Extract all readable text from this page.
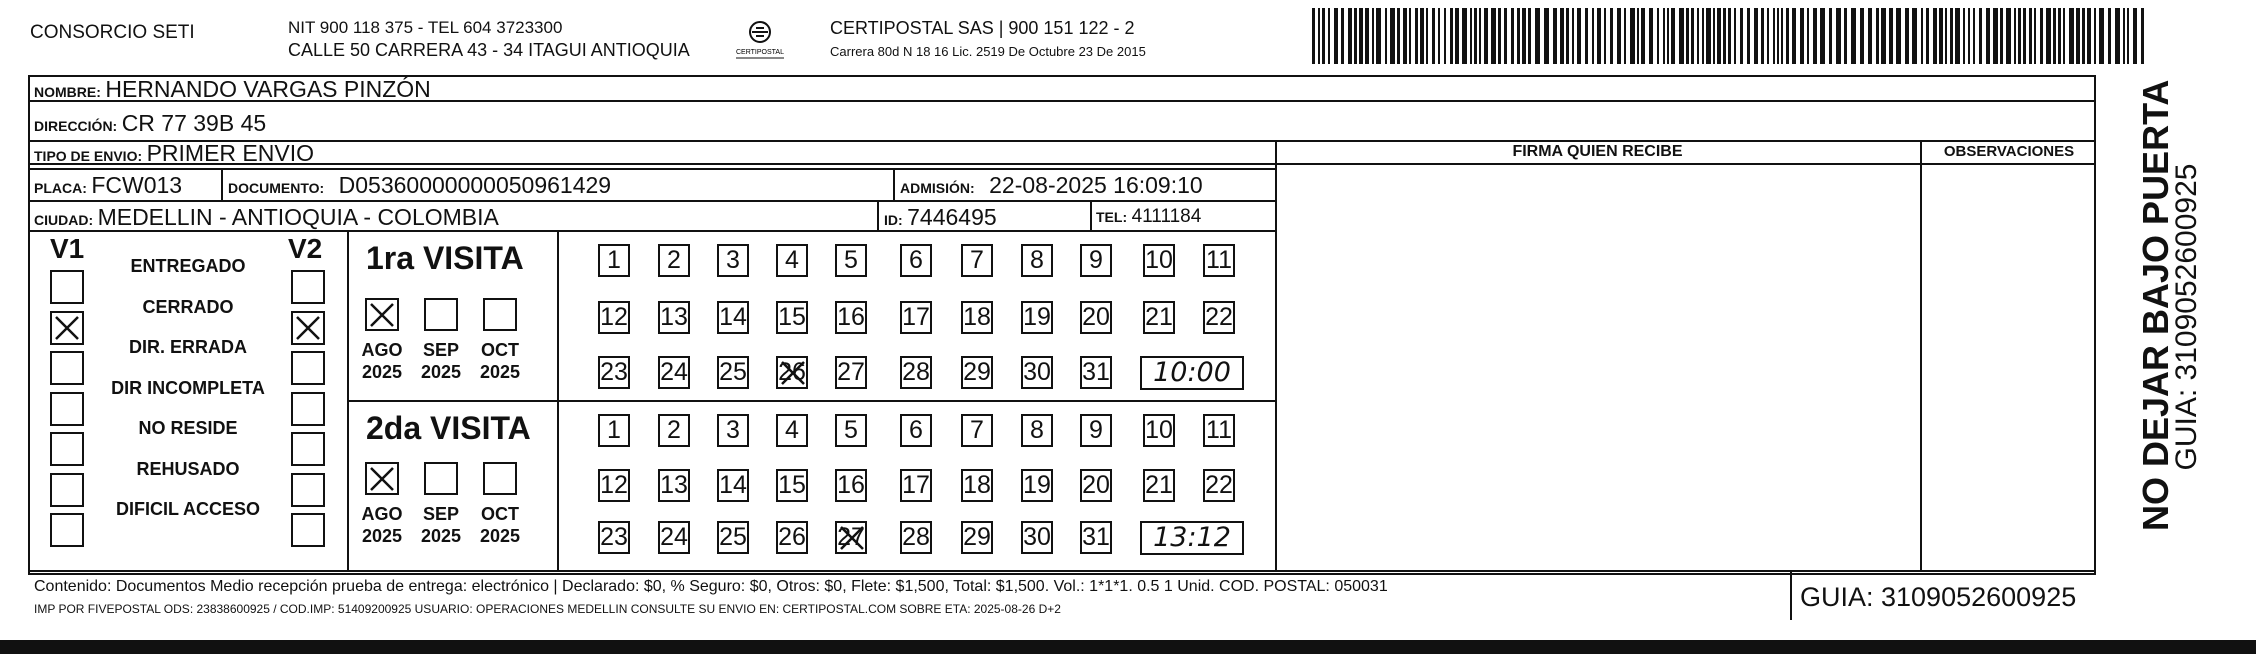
CONSORCIO SETI	NIT 900 118 375 - TEL 604 3723300
CALLE 50 CARRERA 43 - 34 ITAGUI ANTIOQUIA	CERTIPOSTAL
CERTIPOSTAL SAS | 900 151 122 - 2
Carrera 80d N 18 16 Lic. 2519 De Octubre 23 De 2015
NOMBRE: HERNANDO VARGAS PINZÓN
DIRECCIÓN: CR 77 39B 45
TIPO DE ENVIO: PRIMER ENVIO
PLACA: FCW013	DOCUMENTO: D05360000000050961429	ADMISIÓN: 22-08-2025 16:09:10
CIUDAD: MEDELLIN - ANTIOQUIA - COLOMBIA	ID: 7446495	TEL: 4111184
FIRMA QUIEN RECIBE	OBSERVACIONES
V1	V2 1ra VISITA
2da VISITA
Contenido: Documentos Medio recepción prueba de entrega: electrónico | Declarado: $0, % Seguro: $0, Otros: $0, Flete: $1,500, Total: $1,500. Vol.: 1*1*1. 0.5 1 Unid. COD. POSTAL: 050031
IMP POR FIVEPOSTAL ODS: 23838600925 / COD.IMP: 51409200925 USUARIO: OPERACIONES MEDELLIN CONSULTE SU ENVIO EN: CERTIPOSTAL.COM SOBRE ETA: 2025-08-26 D+2	GUIA: 3109052600925
NO DEJAR BAJO PUERTA
GUIA: 3109052600925
ENTREGADO
CERRADO
DIR. ERRADA
DIR INCOMPLETA
NO RESIDE
REHUSADO
DIFICIL ACCESO
AGO
2025
SEP
2025
OCT
2025
AGO
2025
SEP
2025
OCT
2025
1	2	3	4	5	6	7	8	9	10 11
12 13 14 15 16 17 18 19 20 21 22
23 24 25 26 27 28 29 30 31	10:00
1	2	3	4	5	6	7	8	9	10 11
12 13 14 15 16 17 18 19 20 21 22
23 24 25 26 27 28 29 30 31	13:12
